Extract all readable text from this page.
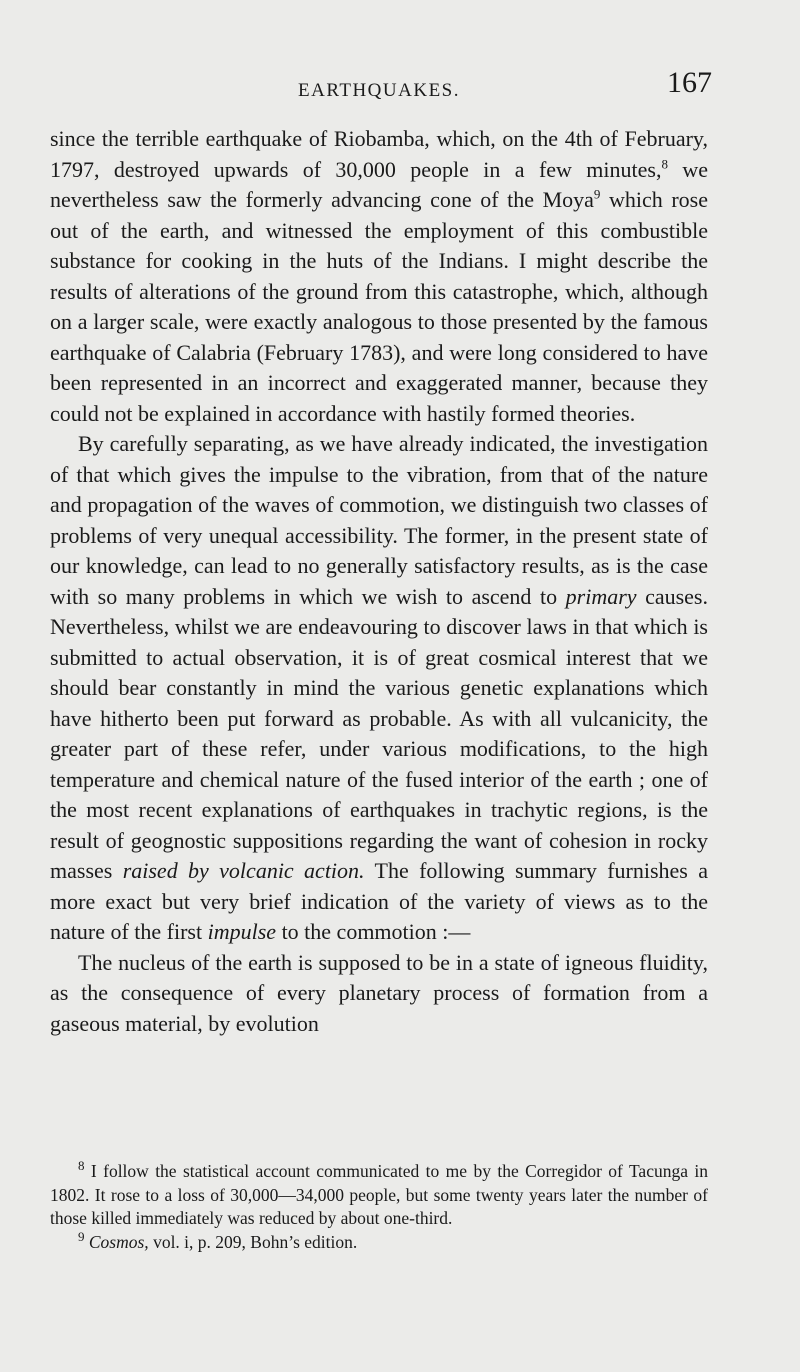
EARTHQUAKES.	167

since the terrible earthquake of Riobamba, which, on the 4th of February, 1797, destroyed upwards of 30,000 people in a few minutes,$^8$ we nevertheless saw the formerly advancing cone of the Moya$^9$ which rose out of the earth, and witnessed the employment of this combustible substance for cooking in the huts of the Indians. I might describe the results of alterations of the ground from this catastrophe, which, although on a larger scale, were exactly analogous to those presented by the famous earthquake of Calabria (February 1783), and were long considered to have been represented in an incorrect and exaggerated manner, because they could not be explained in accordance with hastily formed theories.

By carefully separating, as we have already indicated, the investigation of that which gives the impulse to the vibration, from that of the nature and propagation of the waves of commotion, we distinguish two classes of problems of very unequal accessibility. The former, in the present state of our knowledge, can lead to no generally satisfactory results, as is the case with so many problems in which we wish to ascend to primary causes. Nevertheless, whilst we are endeavouring to discover laws in that which is submitted to actual observation, it is of great cosmical interest that we should bear constantly in mind the various genetic explanations which have hitherto been put forward as probable. As with all vulcanicity, the greater part of these refer, under various modifications, to the high temperature and chemical nature of the fused interior of the earth ; one of the most recent explanations of earthquakes in trachytic regions, is the result of geognostic suppositions regarding the want of cohesion in rocky masses raised by volcanic action. The following summary furnishes a more exact but very brief indication of the variety of views as to the nature of the first impulse to the commotion :—

The nucleus of the earth is supposed to be in a state of igneous fluidity, as the consequence of every planetary process of formation from a gaseous material, by evolution

$^8$ I follow the statistical account communicated to me by the Corregidor of Tacunga in 1802. It rose to a loss of 30,000—34,000 people, but some twenty years later the number of those killed immediately was reduced by about one-third.

$^9$ Cosmos, vol. i, p. 209, Bohn’s edition.
